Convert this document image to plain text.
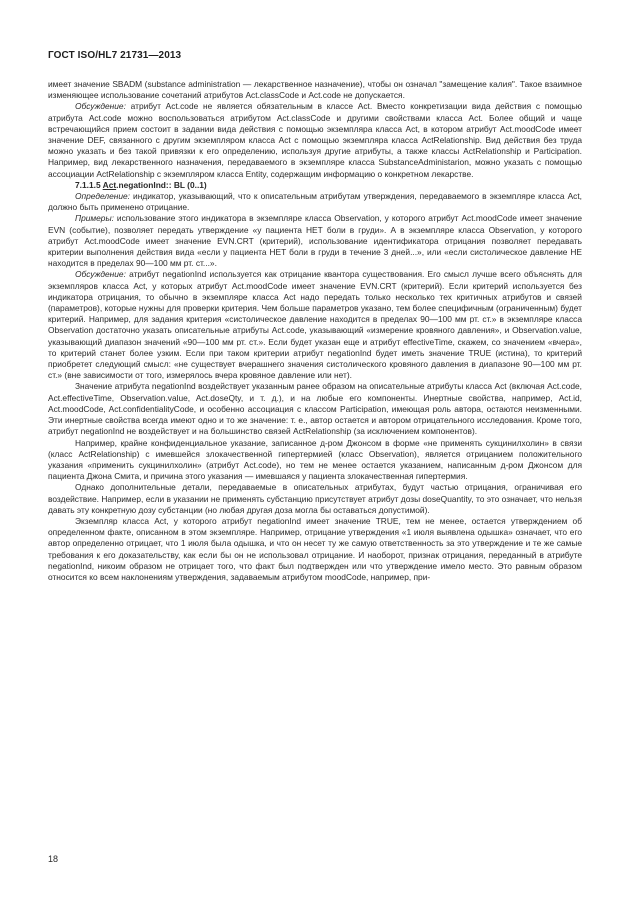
ГОСТ ISO/HL7 21731—2013

имеет значение SBADM (substance administration — лекарственное назначение), чтобы он означал "замещение калия". Такое взаимное изменяющее использование сочетаний атрибутов Act.classCode и Act.code не допускается.

Обсуждение: атрибут Act.code не является обязательным в классе Act. Вместо конкретизации вида действия с помощью атрибута Act.code можно воспользоваться атрибутом Act.classCode и другими свойствами класса Act. Более общий и чаще встречающийся прием состоит в задании вида действия с помощью экземпляра класса Act, в котором атрибут Act.moodCode имеет значение DEF, связанного с другим экземпляром класса Act с помощью экземпляра класса ActRelationship. Вид действия без труда можно указать и без такой привязки к его определению, используя другие атрибуты, а также классы ActRelationship и Participation. Например, вид лекарственного назначения, передаваемого в экземпляре класса SubstanceAdministarion, можно указать с помощью ассоциации ActRelationship с экземпляром класса Entity, содержащим информацию о конкретном лекарстве.

7.1.1.5 Act.negationInd:: BL (0..1)

Определение: индикатор, указывающий, что к описательным атрибутам утверждения, передаваемого в экземпляре класса Act, должно быть применено отрицание.

Примеры: использование этого индикатора в экземпляре класса Observation, у которого атрибут Act.moodCode имеет значение EVN (событие), позволяет передать утверждение «у пациента НЕТ боли в груди». А в экземпляре класса Observation, у которого атрибут Act.moodCode имеет значение EVN.CRT (критерий), использование идентификатора отрицания позволяет передавать критерии выполнения действия вида «если у пациента НЕТ боли в груди в течение 3 дней...», или «если систолическое давление НЕ находится в пределах 90—100 мм рт. ст...».

Обсуждение: атрибут negationInd используется как отрицание квантора существования. Его смысл лучше всего объяснять для экземпляров класса Act, у которых атрибут Act.moodCode имеет значение EVN.CRT (критерий). Если критерий используется без индикатора отрицания, то обычно в экземпляре класса Act надо передать только несколько тех критичных атрибутов и связей (параметров), которые нужны для проверки критерия. Чем больше параметров указано, тем более специфичным (ограниченным) будет критерий. Например, для задания критерия «систолическое давление находится в пределах 90—100 мм рт. ст.» в экземпляре класса Observation достаточно указать описательные атрибуты Act.code, указывающий «измерение кровяного давления», и Observation.value, указывающий диапазон значений «90—100 мм рт. ст.». Если будет указан еще и атрибут effectiveTime, скажем, со значением «вчера», то критерий станет более узким. Если при таком критерии атрибут negationInd будет иметь значение TRUE (истина), то критерий приобретет следующий смысл: «не существует вчерашнего значения систолического кровяного давления в диапазоне 90—100 мм рт. ст.» (вне зависимости от того, измерялось вчера кровяное давление или нет).

Значение атрибута negationInd воздействует указанным ранее образом на описательные атрибуты класса Act (включая Act.code, Act.effectiveTime, Observation.value, Act.doseQty, и т. д.), и на любые его компоненты. Инертные свойства, например, Act.id, Act.moodCode, Act.confidentialityCode, и особенно ассоциация с классом Participation, имеющая роль автора, остаются неизменными. Эти инертные свойства всегда имеют одно и то же значение: т. е., автор остается и автором отрицательного исследования. Кроме того, атрибут negationInd не воздействует и на большинство связей ActRelationship (за исключением компонентов).

Например, крайне конфиденциальное указание, записанное д-ром Джонсом в форме «не применять сукцинилхолин» в связи (класс ActRelationship) с имевшейся злокачественной гипертермией (класс Observation), является отрицанием положительного указания «применить сукцинилхолин» (атрибут Act.code), но тем не менее остается указанием, написанным д-ром Джонсом для пациента Джона Смита, и причина этого указания — имевшаяся у пациента злокачественная гипертермия.

Однако дополнительные детали, передаваемые в описательных атрибутах, будут частью отрицания, ограничивая его воздействие. Например, если в указании не применять субстанцию присутствует атрибут дозы doseQuantity, то это означает, что нельзя давать эту конкретную дозу субстанции (но любая другая доза могла бы оставаться допустимой).

Экземпляр класса Act, у которого атрибут negationInd имеет значение TRUE, тем не менее, остается утверждением об определенном факте, описанном в этом экземпляре. Например, отрицание утверждения «1 июля выявлена одышка» означает, что его автор определенно отрицает, что 1 июля была одышка, и что он несет ту же самую ответственность за это утверждение и те же самые требования к его доказательству, как если бы он не использовал отрицание. И наоборот, признак отрицания, переданный в атрибуте negationInd, никоим образом не отрицает того, что факт был подтвержден или что утверждение имело место. Это равным образом относится ко всем наклонениям утверждения, задаваемым атрибутом moodCode, например, при-

18
